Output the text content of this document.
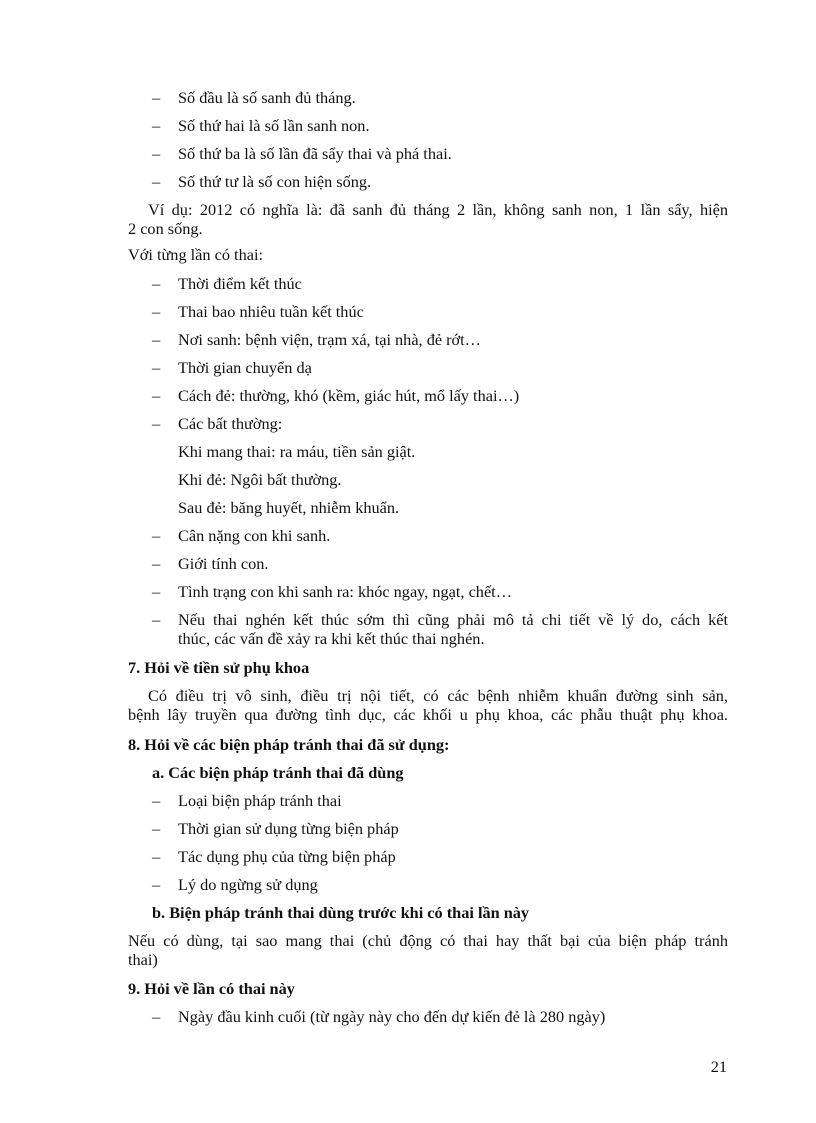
–	Số đầu là số sanh đủ tháng.
–	Số thứ hai là số lần sanh non.
–	Số thứ ba là số lần đã sẩy thai và phá thai.
–	Số thứ tư là số con hiện sống.
Ví dụ: 2012 có nghĩa là: đã sanh đủ tháng 2 lần, không sanh non, 1 lần sẩy, hiện
2 con sống.
Với từng lần có thai:
–	Thời điểm kết thúc
–	Thai bao nhiêu tuần kết thúc
–	Nơi sanh: bệnh viện, trạm xá, tại nhà, đẻ rớt…
–	Thời gian chuyển dạ
–	Cách đẻ: thường, khó (kềm, giác hút, mổ lấy thai…)
–	Các bất thường:
Khi mang thai: ra máu, tiền sản giật.
Khi đẻ: Ngôi bất thường.
Sau đẻ: băng huyết, nhiễm khuẩn.
–	Cân nặng con khi sanh.
–	Giới tính con.
–	Tình trạng con khi sanh ra: khóc ngay, ngạt, chết…
–	Nếu thai nghén kết thúc sớm thì cũng phải mô tả chi tiết về lý do, cách kết
thúc, các vấn đề xảy ra khi kết thúc thai nghén.
7. Hỏi về tiền sử phụ khoa
Có điều trị vô sinh, điều trị nội tiết, có các bệnh nhiễm khuẩn đường sinh sản,
bệnh lây truyền qua đường tình dục, các khối u phụ khoa, các phẫu thuật phụ khoa.
8. Hỏi về các biện pháp tránh thai đã sử dụng:
a. Các biện pháp tránh thai đã dùng
–	Loại biện pháp tránh thai
–	Thời gian sử dụng từng biện pháp
–	Tác dụng phụ của từng biện pháp
–	Lý do ngừng sử dụng
b. Biện pháp tránh thai dùng trước khi có thai lần này
Nếu có dùng, tại sao mang thai (chủ động có thai hay thất bại của biện pháp tránh
thai)
9. Hỏi về lần có thai này
–	Ngày đầu kinh cuối (từ ngày này cho đến dự kiến đẻ là 280 ngày)
21
